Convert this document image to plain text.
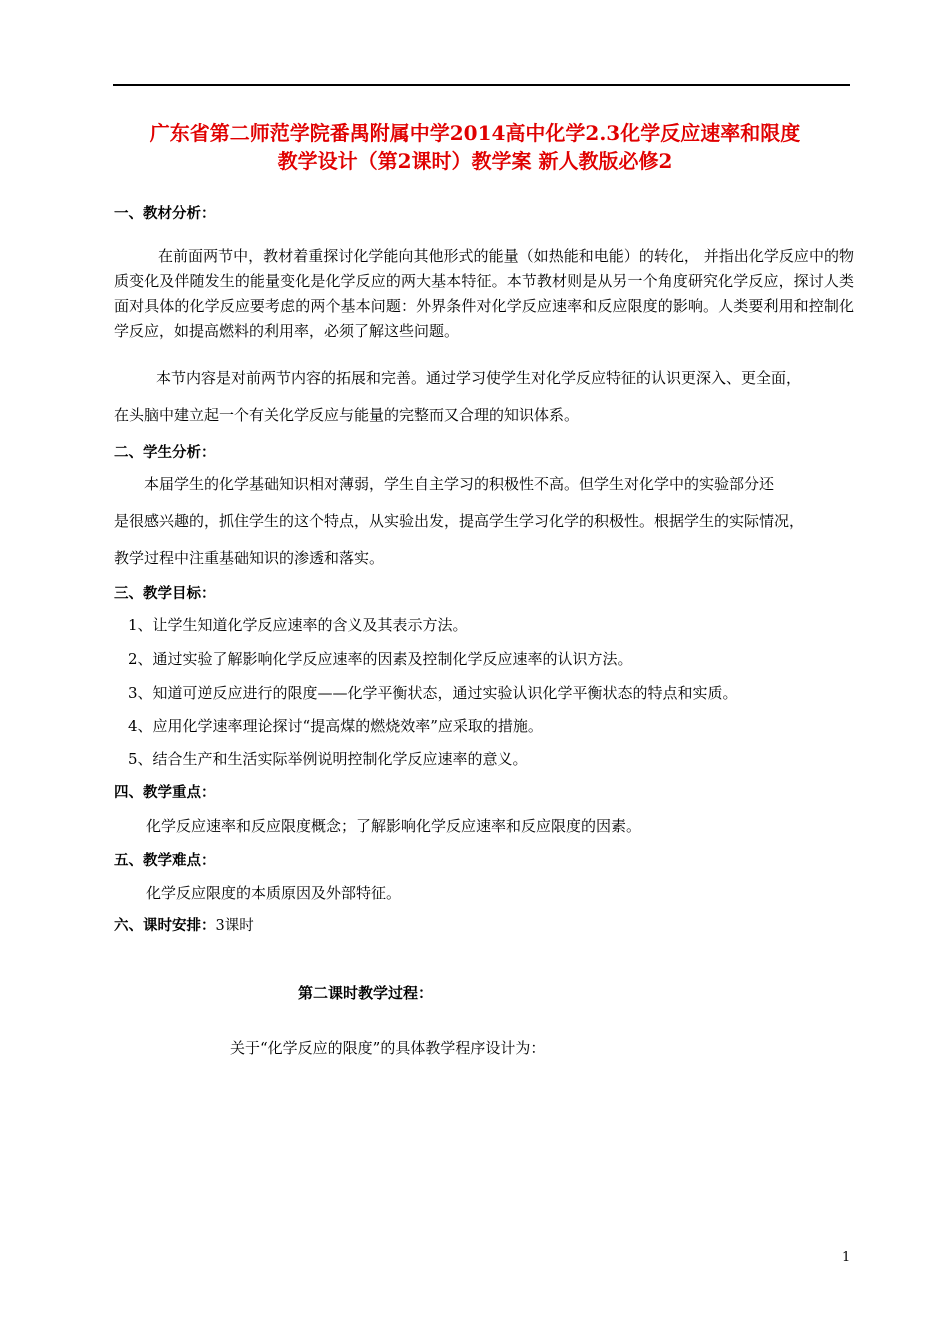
广东省第二师范学院番禺附属中学2014高中化学2.3化学反应速率和限度
教学设计（第2课时）教学案 新人教版必修2
一、教材分析：
在前面两节中，教材着重探讨化学能向其他形式的能量（如热能和电能）的转化， 并指出化学反应中的物质变化及伴随发生的能量变化是化学反应的两大基本特征。本节教材则是从另一个角度研究化学反应，探讨人类面对具体的化学反应要考虑的两个基本问题：外界条件对化学反应速率和反应限度的影响。人类要利用和控制化学反应，如提高燃料的利用率，必须了解这些问题。
本节内容是对前两节内容的拓展和完善。通过学习使学生对化学反应特征的认识更深入、更全面，
在头脑中建立起一个有关化学反应与能量的完整而又合理的知识体系。
二、学生分析：
本届学生的化学基础知识相对薄弱，学生自主学习的积极性不高。但学生对化学中的实验部分还
是很感兴趣的，抓住学生的这个特点，从实验出发，提高学生学习化学的积极性。根据学生的实际情况，
教学过程中注重基础知识的渗透和落实。
三、教学目标：
1、让学生知道化学反应速率的含义及其表示方法。
2、通过实验了解影响化学反应速率的因素及控制化学反应速率的认识方法。
3、知道可逆反应进行的限度——化学平衡状态，通过实验认识化学平衡状态的特点和实质。
4、应用化学速率理论探讨“提高煤的燃烧效率”应采取的措施。
5、结合生产和生活实际举例说明控制化学反应速率的意义。
四、教学重点：
化学反应速率和反应限度概念；了解影响化学反应速率和反应限度的因素。
五、教学难点：
化学反应限度的本质原因及外部特征。
六、课时安排：3课时
第二课时教学过程：
关于“化学反应的限度”的具体教学程序设计为：
1
